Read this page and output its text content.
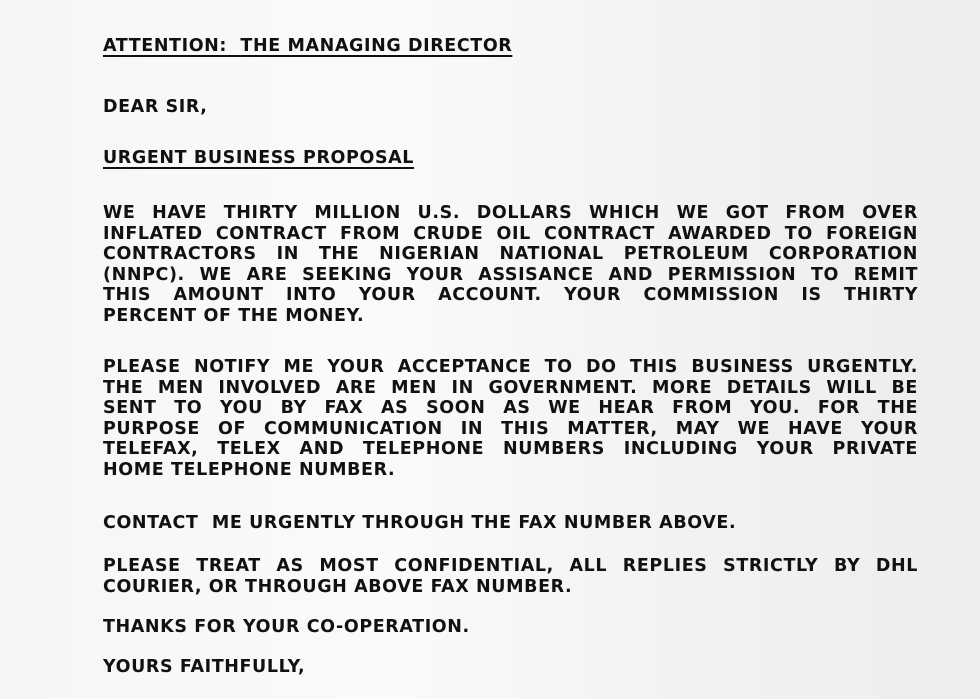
ATTENTION: THE MANAGING DIRECTOR
DEAR SIR,
URGENT BUSINESS PROPOSAL
WE HAVE THIRTY MILLION U.S. DOLLARS WHICH WE GOT FROM OVER
INFLATED CONTRACT FROM CRUDE OIL CONTRACT AWARDED TO FOREIGN
CONTRACTORS IN THE NIGERIAN NATIONAL PETROLEUM CORPORATION
(NNPC). WE ARE SEEKING YOUR ASSISANCE AND PERMISSION TO REMIT
THIS AMOUNT INTO YOUR ACCOUNT. YOUR COMMISSION IS THIRTY
PERCENT OF THE MONEY.
PLEASE NOTIFY ME YOUR ACCEPTANCE TO DO THIS BUSINESS URGENTLY.
THE MEN INVOLVED ARE MEN IN GOVERNMENT. MORE DETAILS WILL BE
SENT TO YOU BY FAX AS SOON AS WE HEAR FROM YOU. FOR THE
PURPOSE OF COMMUNICATION IN THIS MATTER, MAY WE HAVE YOUR
TELEFAX, TELEX AND TELEPHONE NUMBERS INCLUDING YOUR PRIVATE
HOME TELEPHONE NUMBER.
CONTACT  ME URGENTLY THROUGH THE FAX NUMBER ABOVE.
PLEASE TREAT AS MOST CONFIDENTIAL, ALL REPLIES STRICTLY BY DHL
COURIER, OR THROUGH ABOVE FAX NUMBER.
THANKS FOR YOUR CO-OPERATION.
YOURS FAITHFULLY,
